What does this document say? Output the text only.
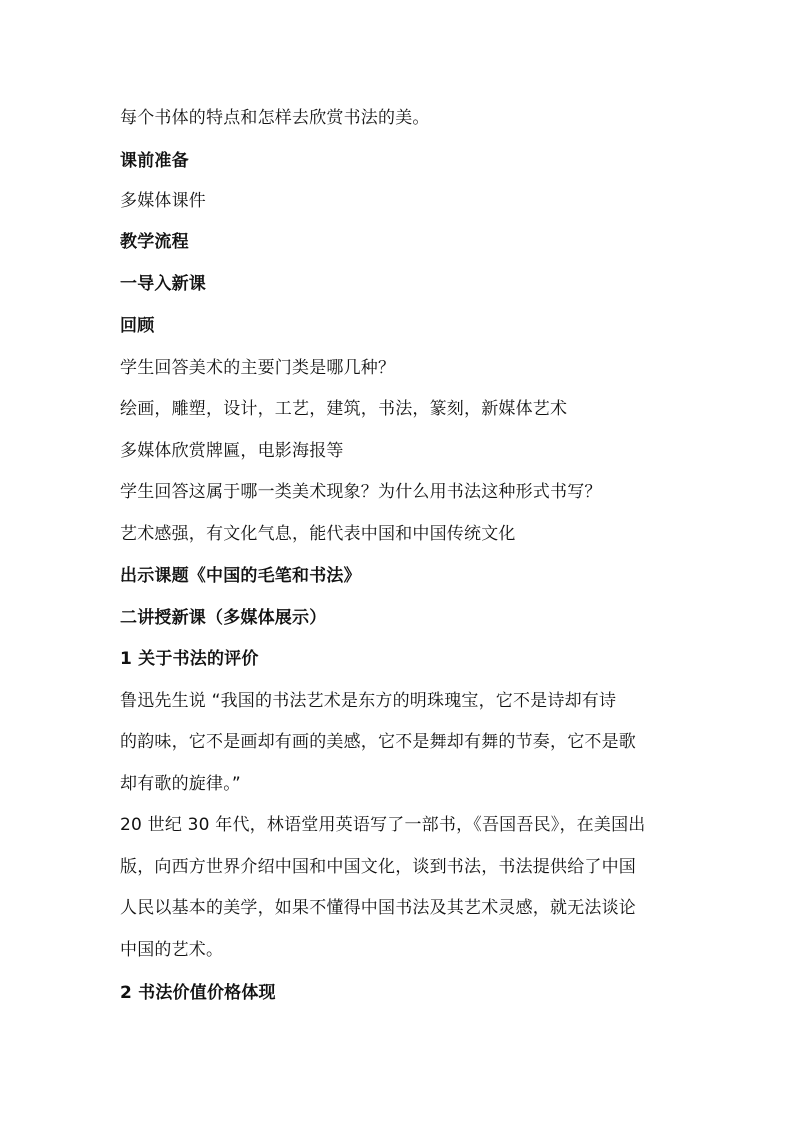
每个书体的特点和怎样去欣赏书法的美。
课前准备
多媒体课件
教学流程
一导入新课
回顾
学生回答美术的主要门类是哪几种？
绘画，雕塑，设计，工艺，建筑，书法，篆刻，新媒体艺术
多媒体欣赏牌匾，电影海报等
学生回答这属于哪一类美术现象？为什么用书法这种形式书写？
艺术感强，有文化气息，能代表中国和中国传统文化
出示课题《中国的毛笔和书法》
二讲授新课（多媒体展示）
1 关于书法的评价
鲁迅先生说 “我国的书法艺术是东方的明珠瑰宝，它不是诗却有诗
的韵味，它不是画却有画的美感，它不是舞却有舞的节奏，它不是歌
却有歌的旋律。”
20 世纪 30 年代，林语堂用英语写了一部书，《吾国吾民》，在美国出
版，向西方世界介绍中国和中国文化，谈到书法，书法提供给了中国
人民以基本的美学，如果不懂得中国书法及其艺术灵感，就无法谈论
中国的艺术。
2 书法价值价格体现
